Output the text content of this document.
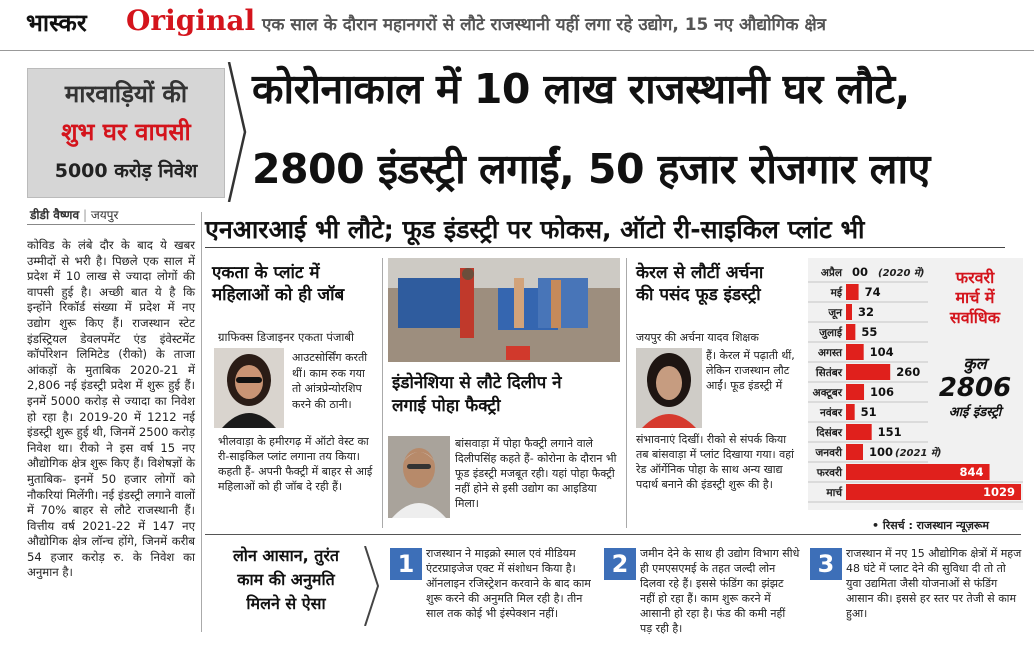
भास्कर Original एक साल के दौरान महानगरों से लौटे राजस्थानी यहीं लगा रहे उद्योग, 15 नए औद्योगिक क्षेत्र
मारवाड़ियों की
शुभ घर वापसी
5000 करोड़ निवेश
कोरोनाकाल में 10 लाख राजस्थानी घर लौटे,
2800 इंडस्ट्री लगाईं, 50 हजार रोजगार लाए
डीडी वैष्णव | जयपुर	एनआरआई भी लौटे; फूड इंडस्ट्री पर फोकस, ऑटो री-साइकिल प्लांट भी
कोविड के लंबे दौर के बाद ये खबर उम्मीदों से भरी है। पिछले एक साल में प्रदेश में 10 लाख से ज्यादा लोगों की वापसी हुई है। अच्छी बात ये है कि इन्होंने रिकॉर्ड संख्या में प्रदेश में नए उद्योग शुरू किए हैं। राजस्थान स्टेट इंडस्ट्रियल डेवलपमेंट एंड इंवेस्टमेंट कॉर्पोरेशन लिमिटेड (रीको) के ताजा आंकड़ों के मुताबिक 2020-21 में 2,806 नई इंडस्ट्री प्रदेश में शुरू हुई हैं। इनमें 5000 करोड़ से ज्यादा का निवेश हो रहा है। 2019-20 में 1212 नई इंडस्ट्री शुरू हुई थी, जिनमें 2500 करोड़ निवेश था। रीको ने इस वर्ष 15 नए औद्योगिक क्षेत्र शुरू किए हैं। विशेषज्ञों के मुताबिक- इनमें 50 हजार लोगों को नौकरियां मिलेंगी। नई इंडस्ट्री लगाने वालों में 70% बाहर से लौटे राजस्थानी हैं। वित्तीय वर्ष 2021-22 में 147 नए औद्योगिक क्षेत्र लॉन्च होंगे, जिनमें करीब 54 हजार करोड़ रु. के निवेश का अनुमान है।
एकता के प्लांट में
महिलाओं को ही जॉब
ग्राफिक्स डिजाइनर एकता पंजाबी
आउटसोर्सिंग करती थीं। काम रुक गया तो आंत्रप्रेन्योरशिप करने की ठानी।
भीलवाड़ा के हमीरगढ़ में ऑटो वेस्ट का री-साइकिल प्लांट लगाना तय किया। कहती हैं- अपनी फैक्ट्री में बाहर से आई महिलाओं को ही जॉब दे रही हैं।
इंडोनेशिया से लौटे दिलीप ने
लगाई पोहा फैक्ट्री
बांसवाड़ा में पोहा फैक्ट्री लगाने वाले दिलीपसिंह कहते हैं- कोरोना के दौरान भी फूड इंडस्ट्री मजबूत रही। यहां पोहा फैक्ट्री नहीं होने से इसी उद्योग का आइडिया मिला।
केरल से लौटीं अर्चना
की पसंद फूड इंडस्ट्री
जयपुर की अर्चना यादव शिक्षक
हैं। केरल में पढ़ाती थीं, लेकिन राजस्थान लौट आईं। फूड इंडस्ट्री में
संभावनाएं दिखीं। रीको से संपर्क किया तब बांसवाड़ा में प्लांट दिखाया गया। वहां रेड ऑर्गेनिक पोहा के साथ अन्य खाद्य पदार्थ बनाने की इंडस्ट्री शुरू की है।
अप्रैल 00 (2020 में)
मई 74
जून 32
जुलाई 55
अगस्त 104
सितंबर	260
अक्टूबर 106
नवंबर 51
दिसंबर	151
जनवरी 100 (2021 में)
फरवरी	844
मार्च	1029
फरवरी
मार्च में
सर्वाधिक
कुल
2806
आई इंडस्ट्री
• रिसर्च : राजस्थान न्यूज़रूम
लोन आसान, तुरंत
काम की अनुमति
मिलने से ऐसा
1	राजस्थान ने माइक्रो स्माल एवं मीडियम एंटरप्राइजेज एक्ट में संशोधन किया है। ऑनलाइन रजिस्ट्रेशन करवाने के बाद काम शुरू करने की अनुमति मिल रही है। तीन साल तक कोई भी इंस्पेक्शन नहीं।
2	जमीन देने के साथ ही उद्योग विभाग सीधे ही एमएसएमई के तहत जल्दी लोन दिलवा रहे हैं। इससे फंडिंग का झंझट नहीं हो रहा हैं। काम शुरू करने में आसानी हो रहा है। फंड की कमी नहीं पड़ रही है।
3	राजस्थान में नए 15 औद्योगिक क्षेत्रों में महज 48 घंटे में प्लाट देने की सुविधा दी तो तो युवा उद्यमिता जैसी योजनाओं से फंडिंग आसान की। इससे हर स्तर पर तेजी से काम हुआ।
